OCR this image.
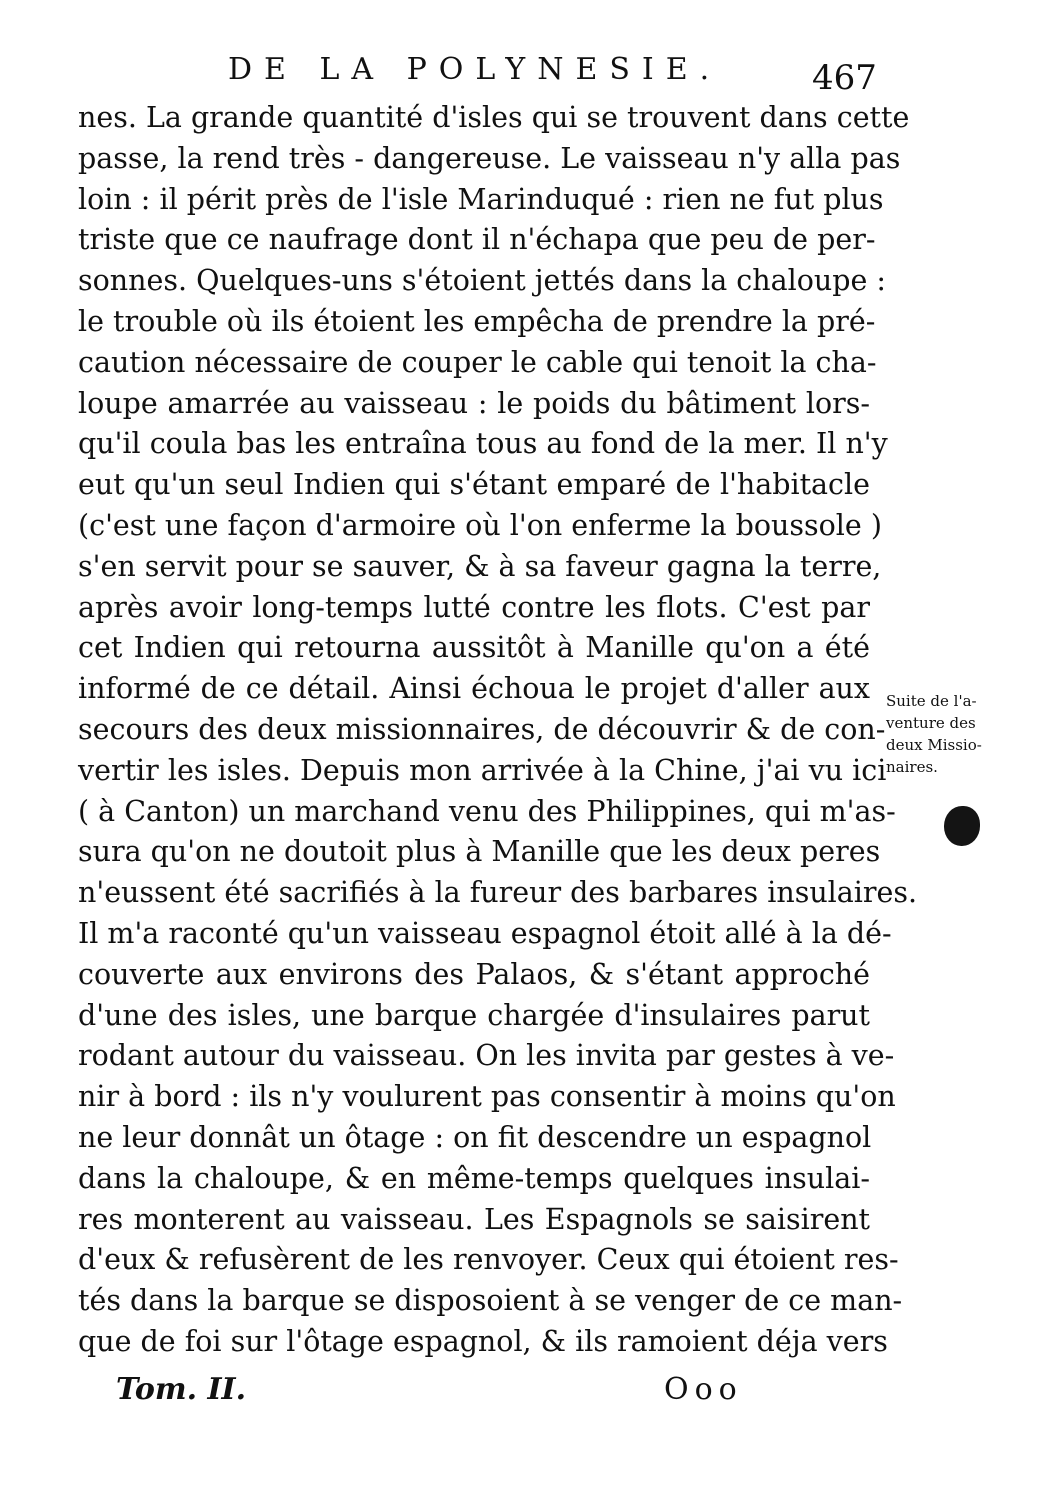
DE LA POLYNESIE.	467
nes. La grande quantité d'isles qui se trouvent dans cette
passe, la rend très - dangereuse. Le vaisseau n'y alla pas
loin : il périt près de l'isle Marinduqué : rien ne fut plus
triste que ce naufrage dont il n'échapa que peu de per-
sonnes. Quelques-uns s'étoient jettés dans la chaloupe :
le trouble où ils étoient les empêcha de prendre la pré-
caution nécessaire de couper le cable qui tenoit la cha-
loupe amarrée au vaisseau : le poids du bâtiment lors-
qu'il coula bas les entraîna tous au fond de la mer. Il n'y
eut qu'un seul Indien qui s'étant emparé de l'habitacle
(c'est une façon d'armoire où l'on enferme la boussole )
s'en servit pour se sauver, & à sa faveur gagna la terre,
après avoir long-temps lutté contre les flots. C'est par
cet Indien qui retourna aussitôt à Manille qu'on a été
informé de ce détail. Ainsi échoua le projet d'aller aux
secours des deux missionnaires, de découvrir & de con-
vertir les isles. Depuis mon arrivée à la Chine, j'ai vu ici
( à Canton) un marchand venu des Philippines, qui m'as-
sura qu'on ne doutoit plus à Manille que les deux peres
n'eussent été sacrifiés à la fureur des barbares insulaires.
Il m'a raconté qu'un vaisseau espagnol étoit allé à la dé-
couverte aux environs des Palaos, & s'étant approché
d'une des isles, une barque chargée d'insulaires parut
rodant autour du vaisseau. On les invita par gestes à ve-
nir à bord : ils n'y voulurent pas consentir à moins qu'on
ne leur donnât un ôtage : on fit descendre un espagnol
dans la chaloupe, & en même-temps quelques insulai-
res monterent au vaisseau. Les Espagnols se saisirent
d'eux & refusèrent de les renvoyer. Ceux qui étoient res-
tés dans la barque se disposoient à se venger de ce man-
que de foi sur l'ôtage espagnol, & ils ramoient déja vers
Suite de l'a-
venture des
deux Missio-
naires.
Tom. II.	Ooo
